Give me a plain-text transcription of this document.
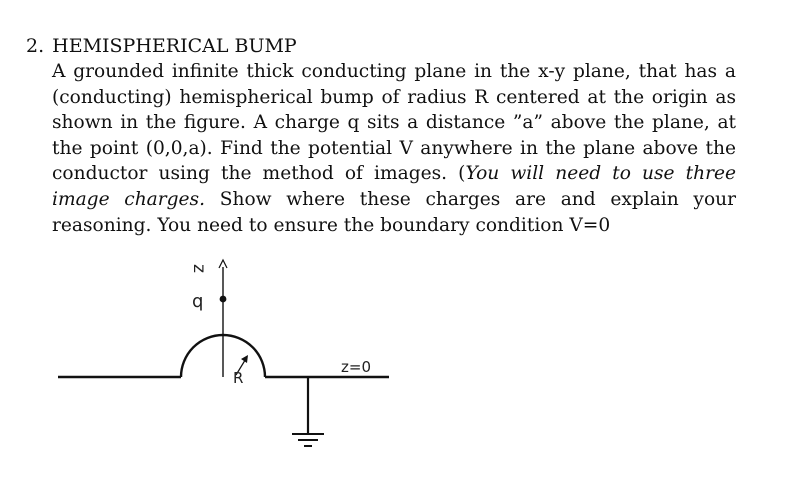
2. HEMISPHERICAL BUMP

A grounded infinite thick conducting plane in the x-y plane, that has a (conducting) hemispherical bump of radius R centered at the origin as shown in the figure. A charge q sits a distance ”a” above the plane, at the point (0,0,a). Find the potential V anywhere in the plane above the conductor using the method of images. (You will need to use three image charges. Show where these charges are and explain your reasoning. You need to ensure the boundary condition V=0

z
q
R
z=0
